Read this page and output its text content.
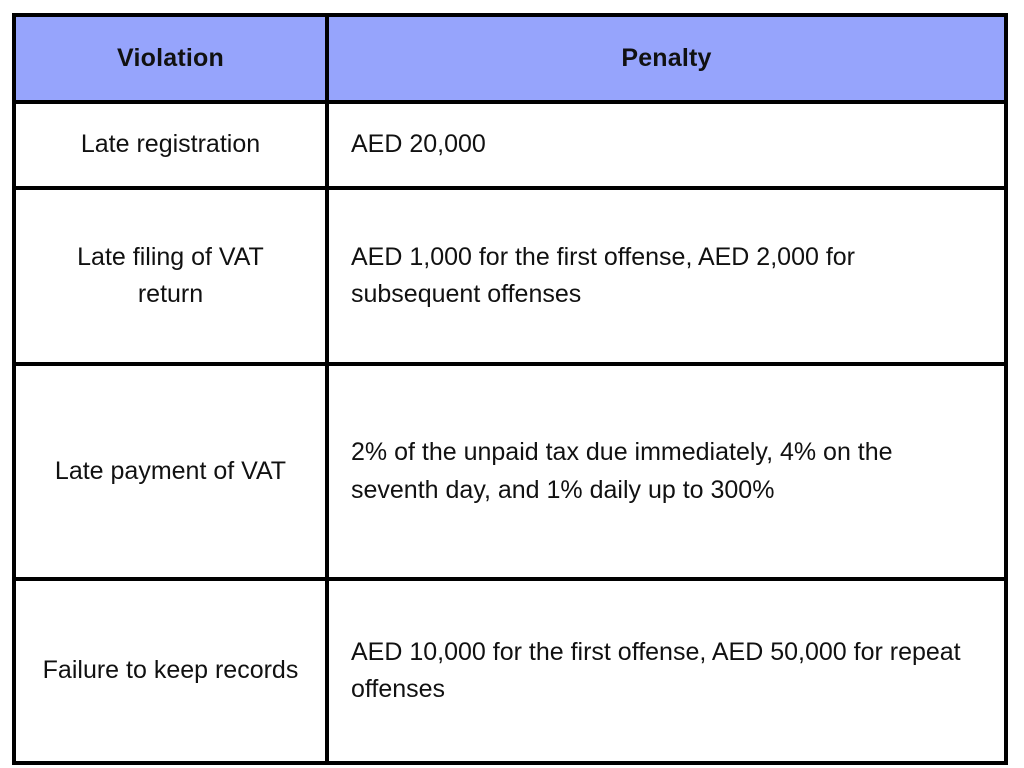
Violation	Penalty

Late registration	AED 20,000

Late filing of VAT return	AED 1,000 for the first offense, AED 2,000 for subsequent offenses

Late payment of VAT	2% of the unpaid tax due immediately, 4% on the seventh day, and 1% daily up to 300%

Failure to keep records	AED 10,000 for the first offense, AED 50,000 for repeat offenses
